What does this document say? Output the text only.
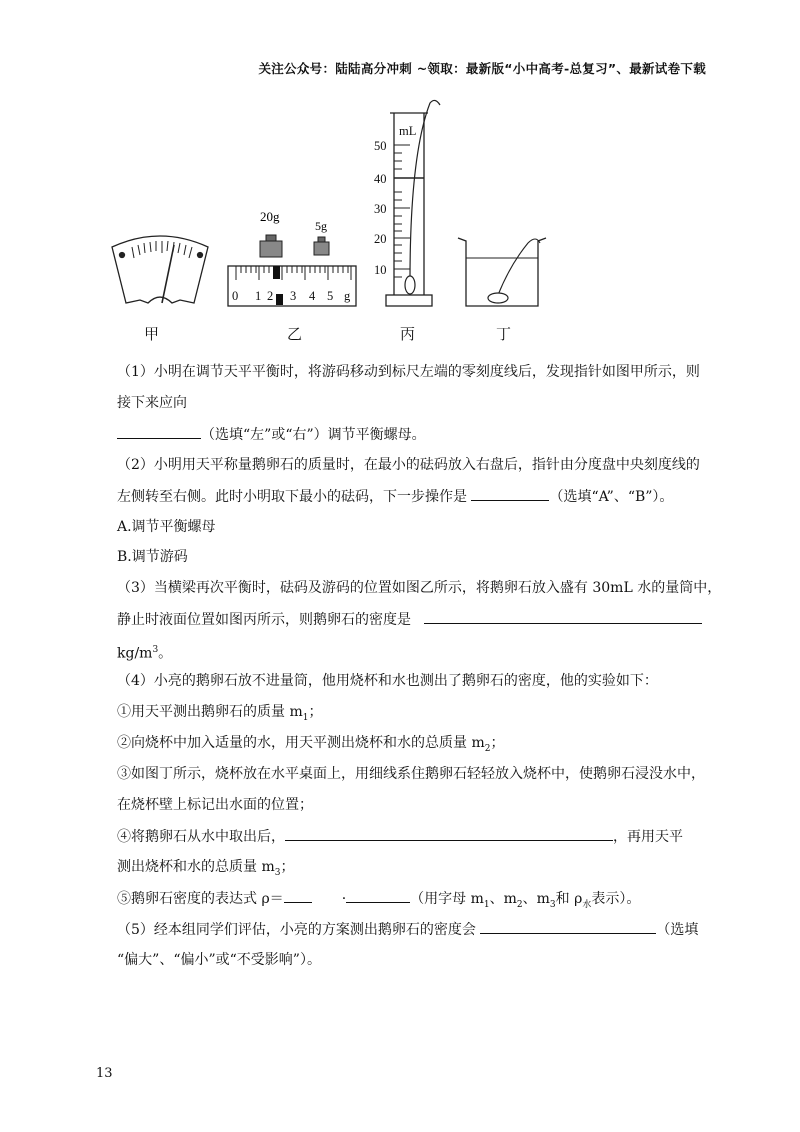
关注公众号：陆陆高分冲刺 ~领取：最新版“小中高考-总复习”、最新试卷下载
20g
5g
0 1 2 3 4 5 g
mL
50
40
30
20
10
甲	乙	丙	丁
（1）小明在调节天平平衡时，将游码移动到标尺左端的零刻度线后，发现指针如图甲所示，则
接下来应向
（选填“左”或“右”）调节平衡螺母。
（2）小明用天平称量鹅卵石的质量时，在最小的砝码放入右盘后，指针由分度盘中央刻度线的
左侧转至右侧。此时小明取下最小的砝码，下一步操作是	（选填“A”、“B”）。
A.调节平衡螺母
B.调节游码
（3）当横梁再次平衡时，砝码及游码的位置如图乙所示，将鹅卵石放入盛有 30mL 水的量筒中，
静止时液面位置如图丙所示，则鹅卵石的密度是
$kg/m^3$。
（4）小亮的鹅卵石放不进量筒，他用烧杯和水也测出了鹅卵石的密度，他的实验如下：
①用天平测出鹅卵石的质量 $m_1$；
②向烧杯中加入适量的水，用天平测出烧杯和水的总质量 $m_2$；
③如图丁所示，烧杯放在水平桌面上，用细线系住鹅卵石轻轻放入烧杯中，使鹅卵石浸没水中，
在烧杯壁上标记出水面的位置；
④将鹅卵石从水中取出后，	，再用天平
测出烧杯和水的总质量 $m_3$；
⑤鹅卵石密度的表达式 ρ＝	·	（用字母 $m_1$、$m_2$、$m_3$和 $\rho_水$表示）。
（5）经本组同学们评估，小亮的方案测出鹅卵石的密度会	（选填
“偏大”、“偏小”或“不受影响”）。
13
